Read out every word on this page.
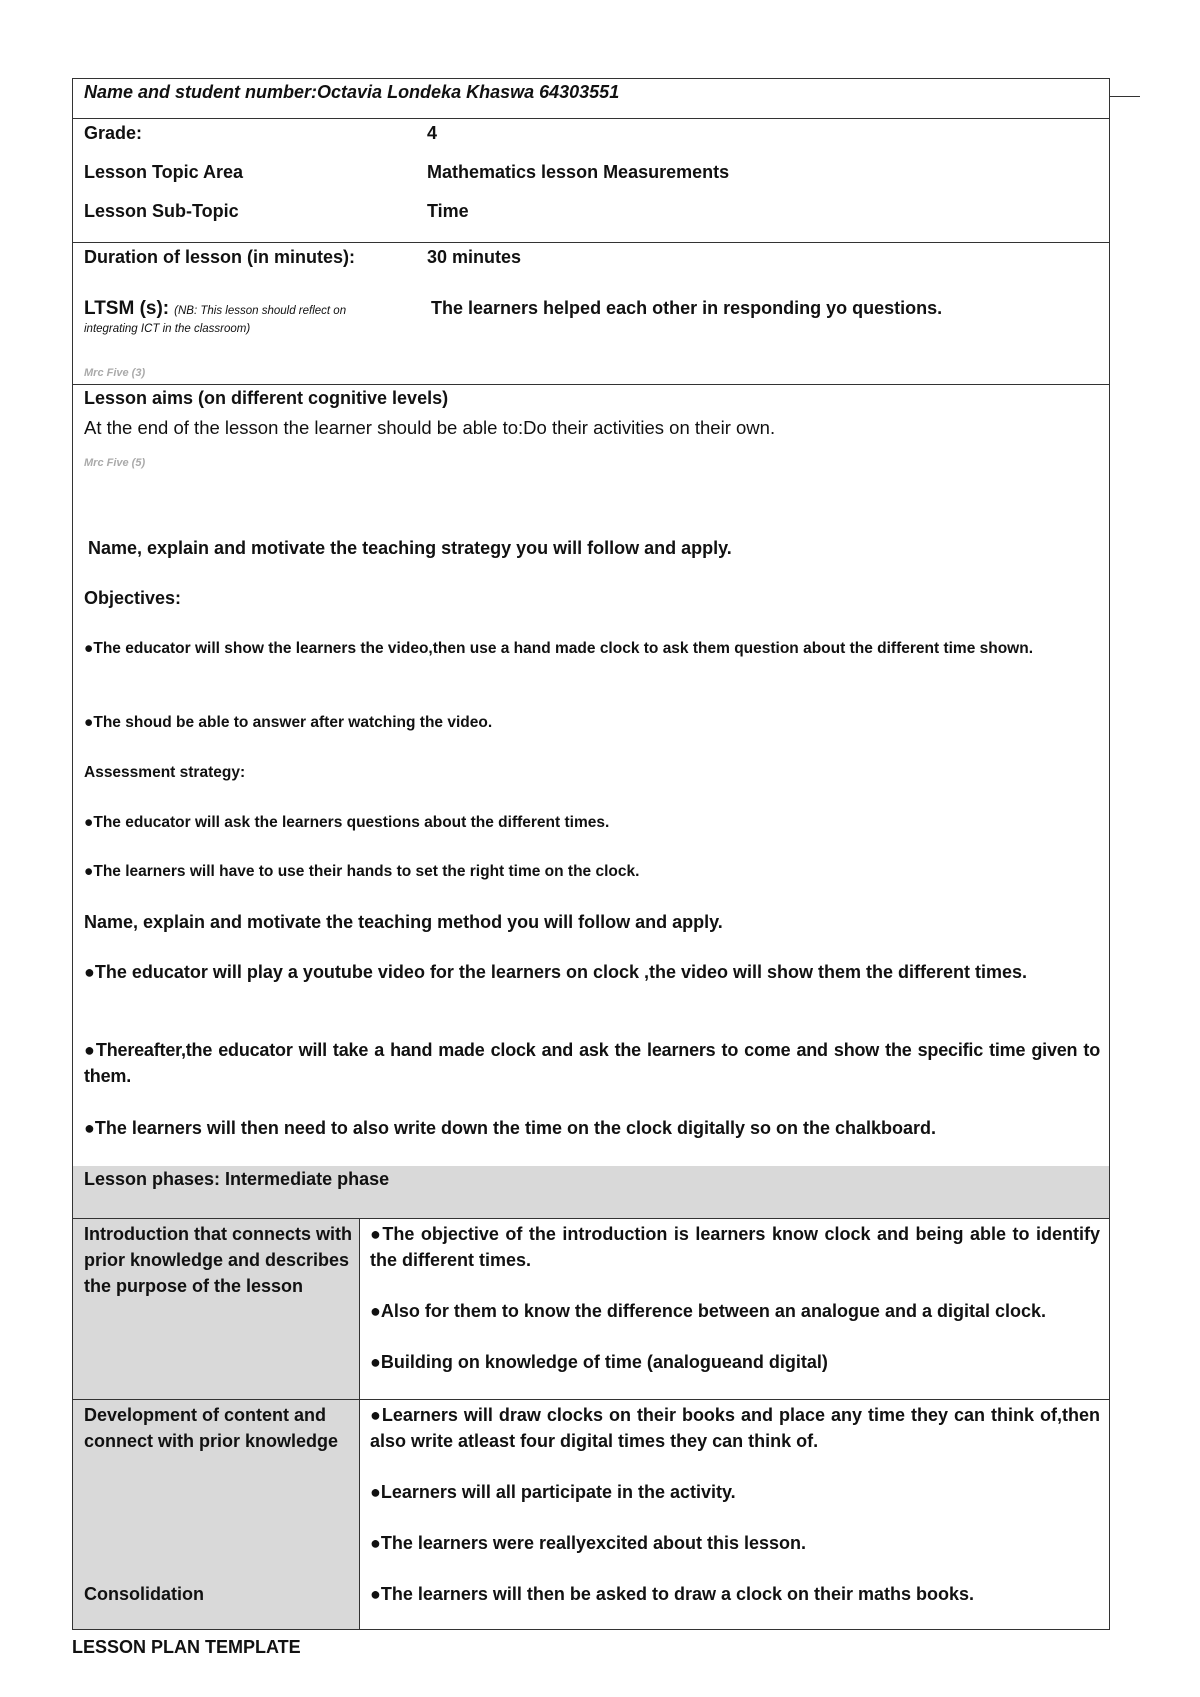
Name and student number:Octavia Londeka Khaswa 64303551
Grade:	4
Lesson Topic Area	Mathematics lesson Measurements
Lesson Sub-Topic	Time
Duration of lesson (in minutes):	30 minutes
LTSM (s): (NB: This lesson should reflect on
integrating ICT in the classroom)
The learners helped each other in responding yo questions.
Mrc Five (3)
Lesson aims (on different cognitive levels)
At the end of the lesson the learner should be able to:Do their activities on their own.
Mrc Five (5)
Name, explain and motivate the teaching strategy you will follow and apply.
Objectives:
●The educator will show the learners the video,then use a hand made clock to ask them question about the different time shown.
●The shoud be able to answer after watching the video.
Assessment strategy:
●The educator will ask the learners questions about the different times.
●The learners will have to use their hands to set the right time on the clock.
Name, explain and motivate the teaching method you will follow and apply.
●The educator will play a youtube video for the learners on clock ,the video will show them the different times.
●Thereafter,the educator will take a hand made clock and ask the learners to come and show the specific time given to them.
●The learners will then need to also write down the time on the clock digitally so on the chalkboard.
Lesson phases: Intermediate phase
Introduction that connects with prior knowledge and describes the purpose of the lesson
●The objective of the introduction is learners know clock and being able to identify the different times.
●Also for them to know the difference between an analogue and a digital clock.
●Building on knowledge of time (analogueand digital)
Development of content and connect with prior knowledge
●Learners will draw clocks on their books and place any time they can think of,then also write atleast four digital times they can think of.
●Learners will all participate in the activity.
●The learners were reallyexcited about this lesson.
Consolidation	●The learners will then be asked to draw a clock on their maths books.
LESSON PLAN TEMPLATE
